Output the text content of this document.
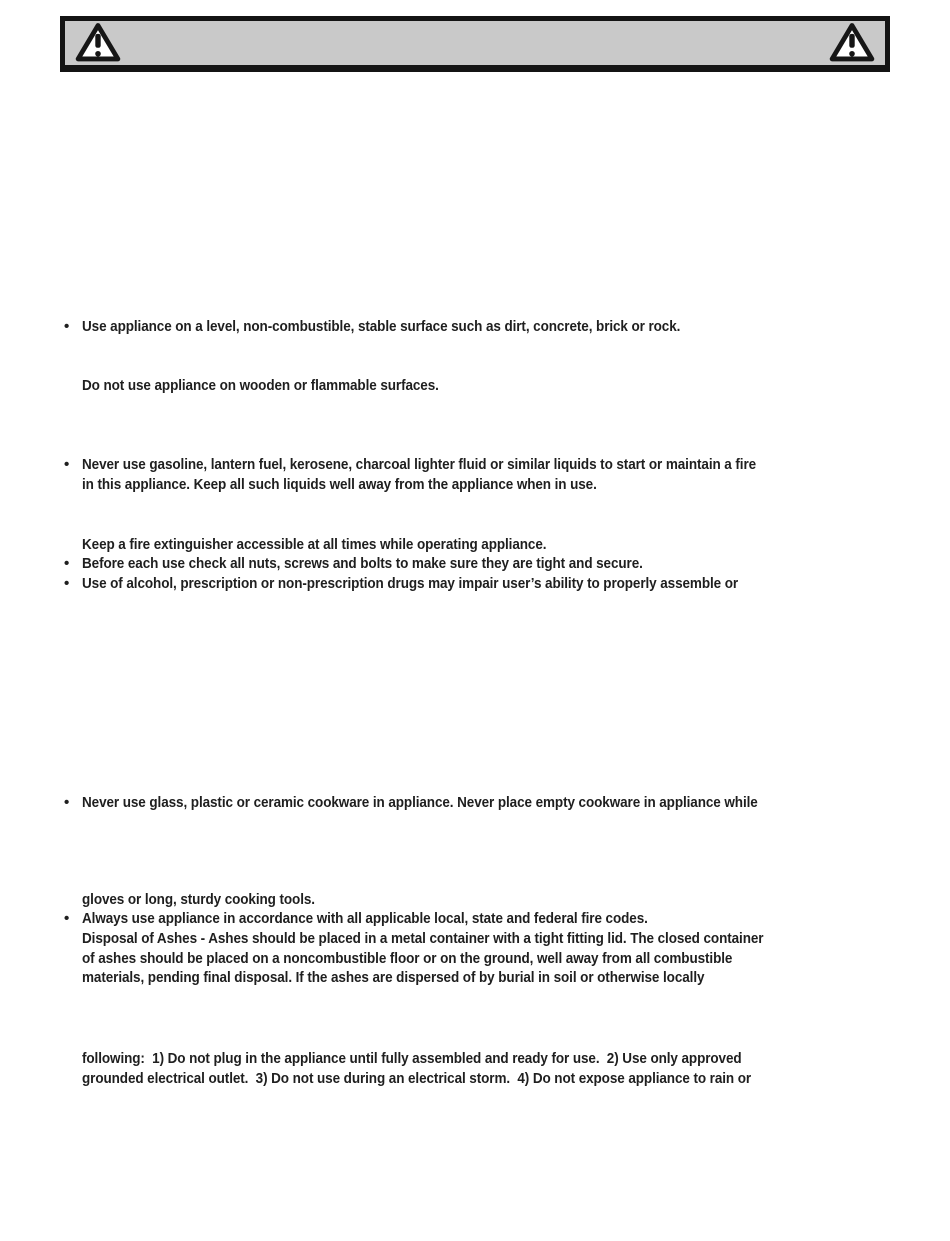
• Use appliance on a level, non-combustible, stable surface such as dirt, concrete, brick or rock.
Do not use appliance on wooden or flammable surfaces.
• Never use gasoline, lantern fuel, kerosene, charcoal lighter fluid or similar liquids to start or maintain a fire
in this appliance. Keep all such liquids well away from the appliance when in use.
Keep a fire extinguisher accessible at all times while operating appliance.
• Before each use check all nuts, screws and bolts to make sure they are tight and secure.
• Use of alcohol, prescription or non-prescription drugs may impair user’s ability to properly assemble or
• Never use glass, plastic or ceramic cookware in appliance. Never place empty cookware in appliance while
gloves or long, sturdy cooking tools.
• Always use appliance in accordance with all applicable local, state and federal fire codes.
Disposal of Ashes - Ashes should be placed in a metal container with a tight fitting lid. The closed container
of ashes should be placed on a noncombustible floor or on the ground, well away from all combustible
materials, pending final disposal. If the ashes are dispersed of by burial in soil or otherwise locally
following:  1) Do not plug in the appliance until fully assembled and ready for use.  2) Use only approved
grounded electrical outlet.  3) Do not use during an electrical storm.  4) Do not expose appliance to rain or
